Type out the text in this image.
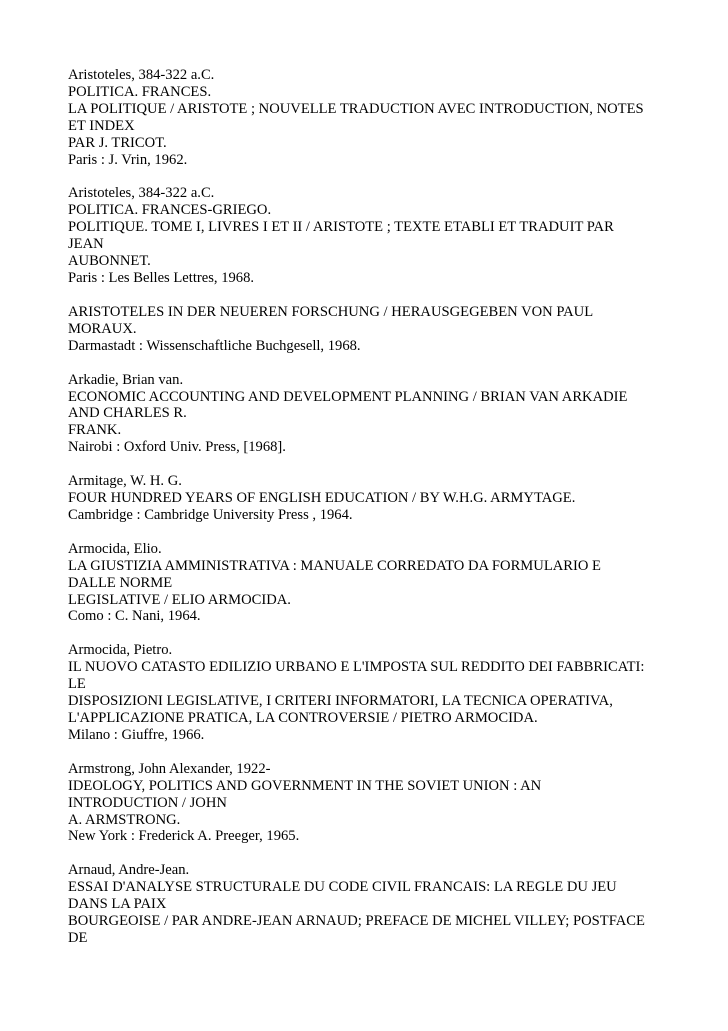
Aristoteles, 384-322 a.C.
POLITICA. FRANCES.
LA POLITIQUE / ARISTOTE ; NOUVELLE TRADUCTION AVEC INTRODUCTION, NOTES
ET INDEX
PAR J. TRICOT.
Paris : J. Vrin, 1962.
Aristoteles, 384-322 a.C.
POLITICA. FRANCES-GRIEGO.
POLITIQUE. TOME I, LIVRES I ET II / ARISTOTE ; TEXTE ETABLI ET TRADUIT PAR
JEAN
AUBONNET.
Paris : Les Belles Lettres, 1968.
ARISTOTELES IN DER NEUEREN FORSCHUNG / HERAUSGEGEBEN VON PAUL
MORAUX.
Darmastadt : Wissenschaftliche Buchgesell, 1968.
Arkadie, Brian van.
ECONOMIC ACCOUNTING AND DEVELOPMENT PLANNING / BRIAN VAN ARKADIE
AND CHARLES R.
FRANK.
Nairobi : Oxford Univ. Press, [1968].
Armitage, W. H. G.
FOUR HUNDRED YEARS OF ENGLISH EDUCATION / BY W.H.G. ARMYTAGE.
Cambridge : Cambridge University Press , 1964.
Armocida, Elio.
LA GIUSTIZIA AMMINISTRATIVA : MANUALE CORREDATO DA FORMULARIO E
DALLE NORME
LEGISLATIVE / ELIO ARMOCIDA.
Como : C. Nani, 1964.
Armocida, Pietro.
IL NUOVO CATASTO EDILIZIO URBANO E L'IMPOSTA SUL REDDITO DEI FABBRICATI:
LE
DISPOSIZIONI LEGISLATIVE, I CRITERI INFORMATORI, LA TECNICA OPERATIVA,
L'APPLICAZIONE PRATICA, LA CONTROVERSIE / PIETRO ARMOCIDA.
Milano : Giuffre, 1966.
Armstrong, John Alexander, 1922-
IDEOLOGY, POLITICS AND GOVERNMENT IN THE SOVIET UNION : AN
INTRODUCTION / JOHN
A. ARMSTRONG.
New York : Frederick A. Preeger, 1965.
Arnaud, Andre-Jean.
ESSAI D'ANALYSE STRUCTURALE DU CODE CIVIL FRANCAIS: LA REGLE DU JEU
DANS LA PAIX
BOURGEOISE / PAR ANDRE-JEAN ARNAUD; PREFACE DE MICHEL VILLEY; POSTFACE
DE
